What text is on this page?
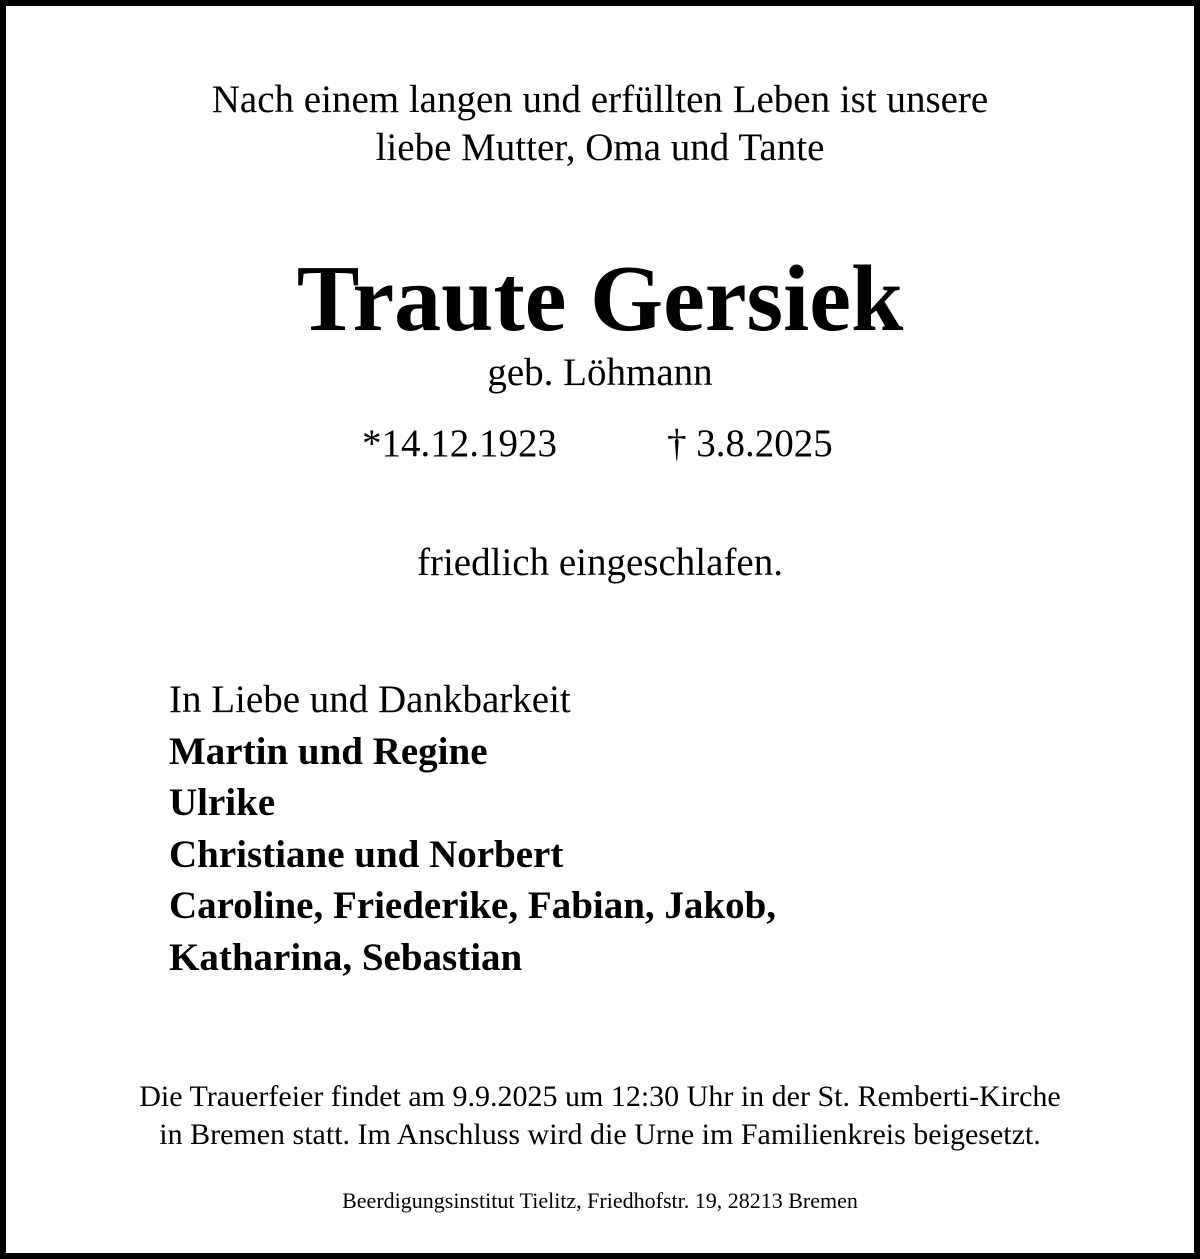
Nach einem langen und erfüllten Leben ist unsere
liebe Mutter, Oma und Tante
Traute Gersiek
geb. Löhmann
*14.12.1923	† 3.8.2025
friedlich eingeschlafen.
In Liebe und Dankbarkeit
Martin und Regine
Ulrike
Christiane und Norbert
Caroline, Friederike, Fabian, Jakob,
Katharina, Sebastian
Die Trauerfeier findet am 9.9.2025 um 12:30 Uhr in der St. Remberti-Kirche
in Bremen statt. Im Anschluss wird die Urne im Familienkreis beigesetzt.
Beerdigungsinstitut Tielitz, Friedhofstr. 19, 28213 Bremen
